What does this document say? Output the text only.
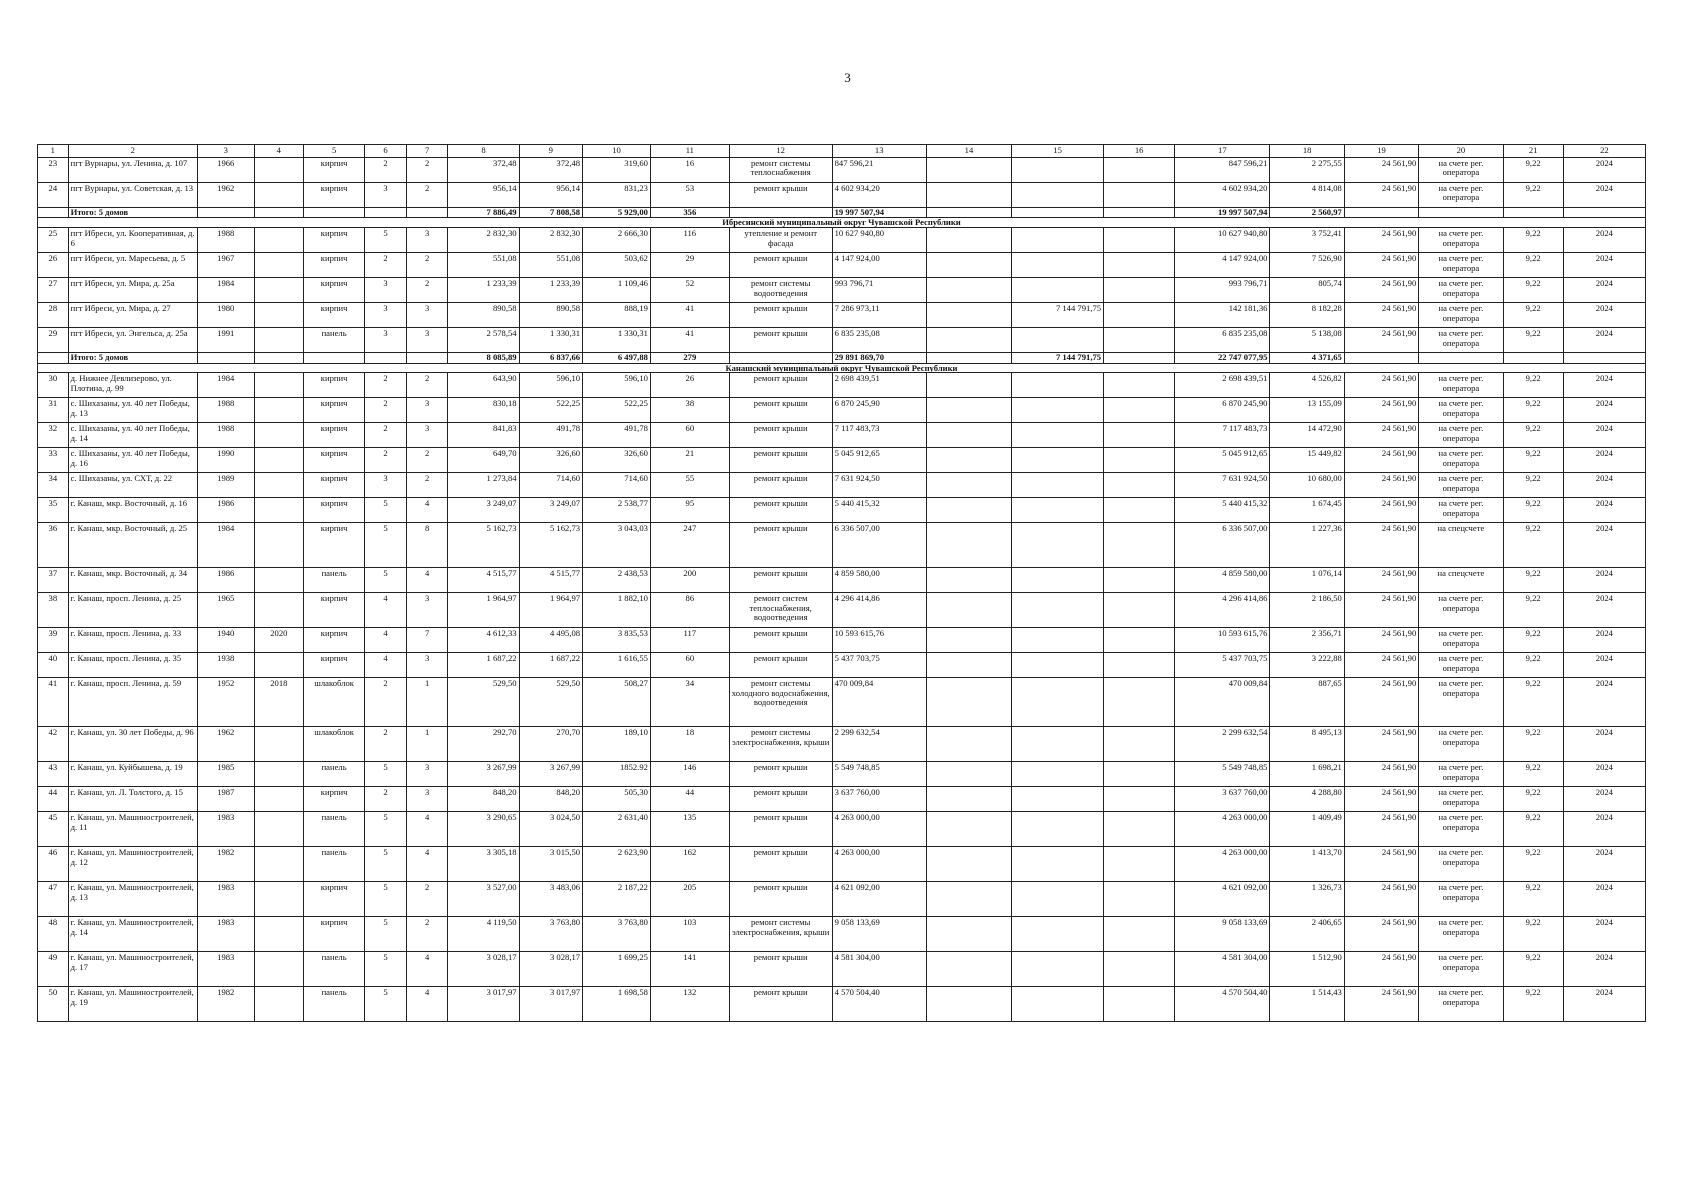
3
1	2	3	4	5	6	7	8	9	10	11	12	13	14	15	16	17	18	19	20	21	22
23	пгт Вурнары, ул. Ленина, д. 107	1966		кирпич	2	2	372,48	372,48	319,60	16	ремонт системы теплоснабжения	847 596,21				847 596,21	2 275,55	24 561,90	на счете рег. оператора	9,22	2024
24	пгт Вурнары, ул. Советская, д. 13	1962		кирпич	3	2	956,14	956,14	831,23	53	ремонт крыши	4 602 934,20				4 602 934,20	4 814,08	24 561,90	на счете рег. оператора	9,22	2024
	Итого: 5 домов						7 886,49	7 808,58	5 929,00	356		19 997 507,94				19 997 507,94	2 560,97				
Ибресинский муниципальный округ Чувашской Республики																					
25	пгт Ибреси, ул. Кооперативная, д. 6	1988		кирпич	5	3	2 832,30	2 832,30	2 666,30	116	утепление и ремонт фасада	10 627 940,80				10 627 940,80	3 752,41	24 561,90	на счете рег. оператора	9,22	2024
26	пгт Ибреси, ул. Маресьева, д. 5	1967		кирпич	2	2	551,08	551,08	503,62	29	ремонт крыши	4 147 924,00				4 147 924,00	7 526,90	24 561,90	на счете рег. оператора	9,22	2024
27	пгт Ибреси, ул. Мира, д. 25а	1984		кирпич	3	2	1 233,39	1 233,39	1 109,46	52	ремонт системы водоотведения	993 796,71				993 796,71	805,74	24 561,90	на счете рег. оператора	9,22	2024
28	пгт Ибреси, ул. Мира, д. 27	1980		кирпич	3	3	890,58	890,58	888,19	41	ремонт крыши	7 286 973,11		7 144 791,75		142 181,36	8 182,28	24 561,90	на счете рег. оператора	9,22	2024
29	пгт Ибреси, ул. Энгельса, д. 25а	1991		панель	3	3	2 578,54	1 330,31	1 330,31	41	ремонт крыши	6 835 235,08				6 835 235,08	5 138,08	24 561,90	на счете рег. оператора	9,22	2024
	Итого: 5 домов						8 085,89	6 837,66	6 497,88	279		29 891 869,70		7 144 791,75		22 747 077,95	4 371,65				
Канашский муниципальный округ Чувашской Республики																					
30	д. Нижнее Девлизерово, ул. Плотина, д. 99	1984		кирпич	2	2	643,90	596,10	596,10	26	ремонт крыши	2 698 439,51				2 698 439,51	4 526,82	24 561,90	на счете рег. оператора	9,22	2024
31	с. Шихазаны, ул. 40 лет Победы, д. 13	1988		кирпич	2	3	830,18	522,25	522,25	38	ремонт крыши	6 870 245,90				6 870 245,90	13 155,09	24 561,90	на счете рег. оператора	9,22	2024
32	с. Шихазаны, ул. 40 лет Победы, д. 14	1988		кирпич	2	3	841,83	491,78	491,78	60	ремонт крыши	7 117 483,73				7 117 483,73	14 472,90	24 561,90	на счете рег. оператора	9,22	2024
33	с. Шихазаны, ул. 40 лет Победы, д. 16	1990		кирпич	2	2	649,70	326,60	326,60	21	ремонт крыши	5 045 912,65				5 045 912,65	15 449,82	24 561,90	на счете рег. оператора	9,22	2024
34	с. Шихазаны, ул. СХТ, д. 22	1989		кирпич	3	2	1 273,84	714,60	714,60	55	ремонт крыши	7 631 924,50				7 631 924,50	10 680,00	24 561,90	на счете рег. оператора	9,22	2024
35	г. Канаш, мкр. Восточный, д. 16	1986		кирпич	5	4	3 249,07	3 249,07	2 538,77	95	ремонт крыши	5 440 415,32				5 440 415,32	1 674,45	24 561,90	на счете рег. оператора	9,22	2024
36	г. Канаш, мкр. Восточный, д. 25	1984		кирпич	5	8	5 162,73	5 162,73	3 043,03	247	ремонт крыши	6 336 507,00				6 336 507,00	1 227,36	24 561,90	на спецсчете	9,22	2024
37	г. Канаш, мкр. Восточный, д. 34	1986		панель	5	4	4 515,77	4 515,77	2 438,53	200	ремонт крыши	4 859 580,00				4 859 580,00	1 076,14	24 561,90	на спецсчете	9,22	2024
38	г. Канаш, просп. Ленина, д. 25	1965		кирпич	4	3	1 964,97	1 964,97	1 882,10	86	ремонт систем теплоснабжения, водоотведения	4 296 414,86				4 296 414,86	2 186,50	24 561,90	на счете рег. оператора	9,22	2024
39	г. Канаш, просп. Ленина, д. 33	1940	2020	кирпич	4	7	4 612,33	4 495,08	3 835,53	117	ремонт крыши	10 593 615,76				10 593 615,76	2 356,71	24 561,90	на счете рег. оператора	9,22	2024
40	г. Канаш, просп. Ленина, д. 35	1938		кирпич	4	3	1 687,22	1 687,22	1 616,55	60	ремонт крыши	5 437 703,75				5 437 703,75	3 222,88	24 561,90	на счете рег. оператора	9,22	2024
41	г. Канаш, просп. Ленина, д. 59	1952	2018	шлакоблок	2	1	529,50	529,50	508,27	34	ремонт системы холодного водоснабжения, водоотведения	470 009,84				470 009,84	887,65	24 561,90	на счете рег. оператора	9,22	2024
42	г. Канаш, ул. 30 лет Победы, д. 96	1962		шлакоблок	2	1	292,70	270,70	189,10	18	ремонт системы электроснабжения, крыши	2 299 632,54				2 299 632,54	8 495,13	24 561,90	на счете рег. оператора	9,22	2024
43	г. Канаш, ул. Куйбышева, д. 19	1985		панель	5	3	3 267,99	3 267,99	1852.92	146	ремонт крыши	5 549 748,85				5 549 748,85	1 698,21	24 561,90	на счете рег. оператора	9,22	2024
44	г. Канаш, ул. Л. Толстого, д. 15	1987		кирпич	2	3	848,20	848,20	505,30	44	ремонт крыши	3 637 760,00				3 637 760,00	4 288,80	24 561,90	на счете рег. оператора	9,22	2024
45	г. Канаш, ул. Машиностроителей, д. 11	1983		панель	5	4	3 290,65	3 024,50	2 631,40	135	ремонт крыши	4 263 000,00				4 263 000,00	1 409,49	24 561,90	на счете рег. оператора	9,22	2024
46	г. Канаш, ул. Машиностроителей, д. 12	1982		панель	5	4	3 305,18	3 015,50	2 623,90	162	ремонт крыши	4 263 000,00				4 263 000,00	1 413,70	24 561,90	на счете рег. оператора	9,22	2024
47	г. Канаш, ул. Машиностроителей, д. 13	1983		кирпич	5	2	3 527,00	3 483,06	2 187,22	205	ремонт крыши	4 621 092,00				4 621 092,00	1 326,73	24 561,90	на счете рег. оператора	9,22	2024
48	г. Канаш, ул. Машиностроителей, д. 14	1983		кирпич	5	2	4 119,50	3 763,80	3 763,80	103	ремонт системы электроснабжения, крыши	9 058 133,69				9 058 133,69	2 406,65	24 561,90	на счете рег. оператора	9,22	2024
49	г. Канаш, ул. Машиностроителей, д. 17	1983		панель	5	4	3 028,17	3 028,17	1 699,25	141	ремонт крыши	4 581 304,00				4 581 304,00	1 512,90	24 561,90	на счете рег. оператора	9,22	2024
50	г. Канаш, ул. Машиностроителей, д. 19	1982		панель	5	4	3 017,97	3 017,97	1 698,58	132	ремонт крыши	4 570 504,40				4 570 504,40	1 514,43	24 561,90	на счете рег. оператора	9,22	2024
